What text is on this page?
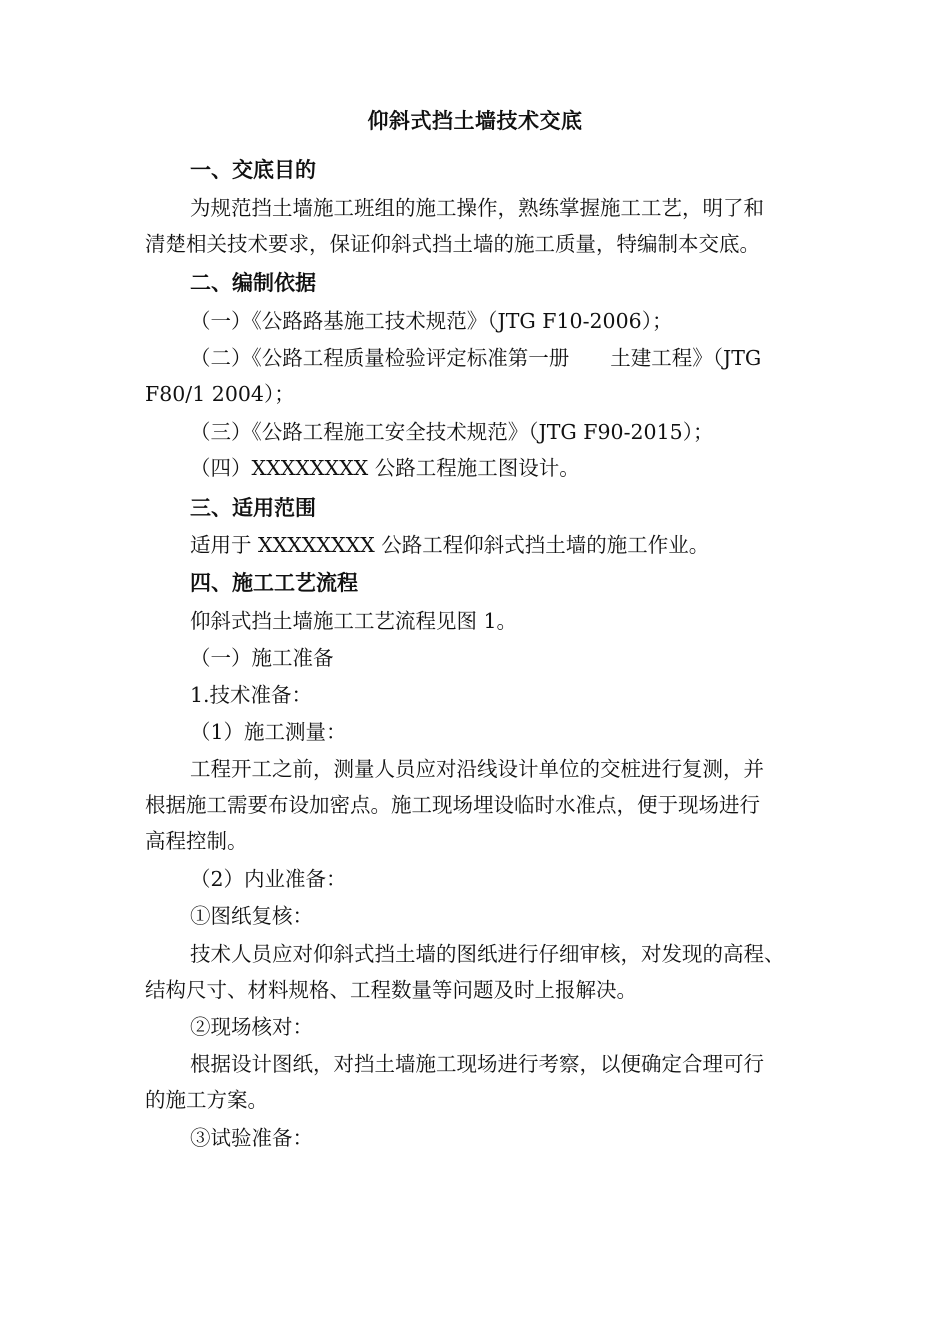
仰斜式挡土墙技术交底
一、交底目的
为规范挡土墙施工班组的施工操作，熟练掌握施工工艺，明了和
清楚相关技术要求，保证仰斜式挡土墙的施工质量，特编制本交底。
二、编制依据
（一）《公路路基施工技术规范》（JTG F10-2006）；
（二）《公路工程质量检验评定标准第一册　　土建工程》（JTG
F80/1 2004）；
（三）《公路工程施工安全技术规范》（JTG F90-2015）；
（四）XXXXXXXX 公路工程施工图设计。
三、适用范围
适用于 XXXXXXXX 公路工程仰斜式挡土墙的施工作业。
四、施工工艺流程
仰斜式挡土墙施工工艺流程见图 1。
（一）施工准备
1.技术准备：
（1）施工测量：
工程开工之前，测量人员应对沿线设计单位的交桩进行复测，并
根据施工需要布设加密点。施工现场埋设临时水准点，便于现场进行
高程控制。
（2）内业准备：
①图纸复核：
技术人员应对仰斜式挡土墙的图纸进行仔细审核，对发现的高程、
结构尺寸、材料规格、工程数量等问题及时上报解决。
②现场核对：
根据设计图纸，对挡土墙施工现场进行考察，以便确定合理可行
的施工方案。
③试验准备：
